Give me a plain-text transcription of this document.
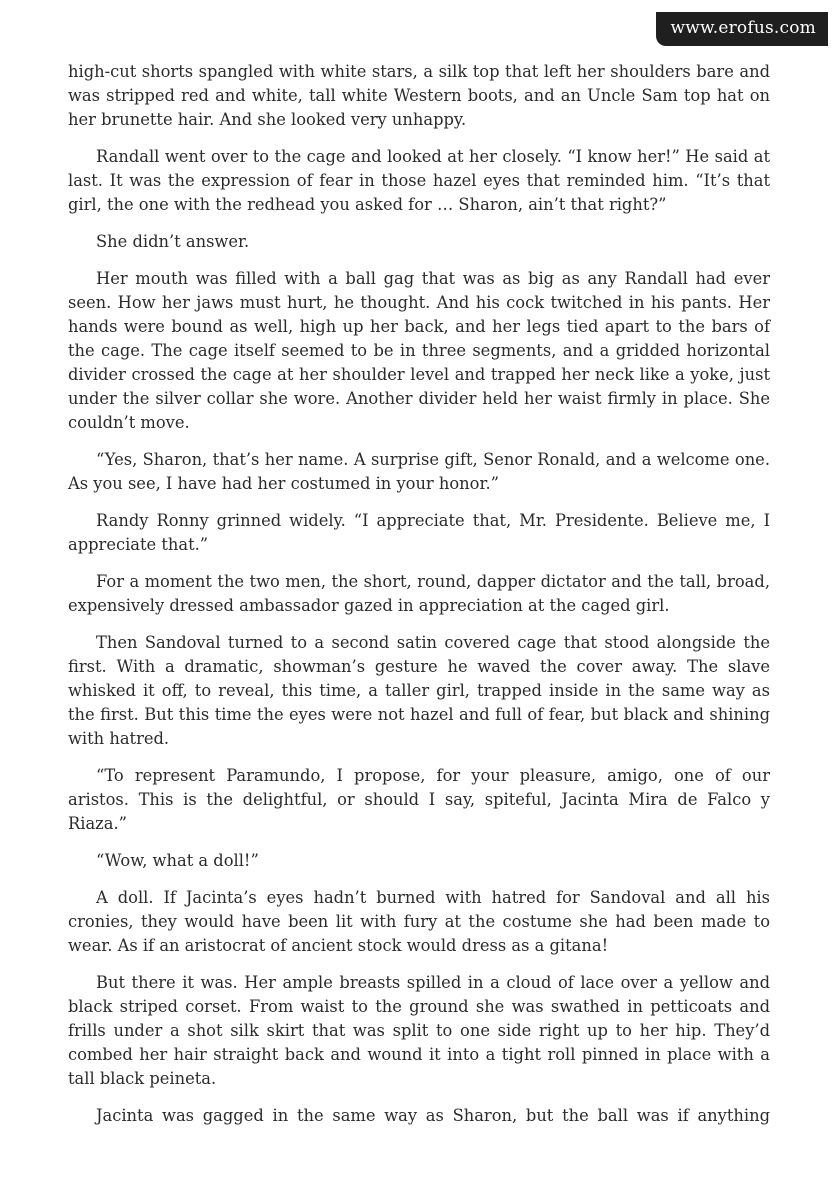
www.erofus.com

high-cut shorts spangled with white stars, a silk top that left her shoulders bare and was stripped red and white, tall white Western boots, and an Uncle Sam top hat on her brunette hair. And she looked very unhappy.

Randall went over to the cage and looked at her closely. “I know her!” He said at last. It was the expression of fear in those hazel eyes that reminded him. “It’s that girl, the one with the redhead you asked for … Sharon, ain’t that right?”

She didn’t answer.

Her mouth was filled with a ball gag that was as big as any Randall had ever seen. How her jaws must hurt, he thought. And his cock twitched in his pants. Her hands were bound as well, high up her back, and her legs tied apart to the bars of the cage. The cage itself seemed to be in three segments, and a gridded horizontal divider crossed the cage at her shoulder level and trapped her neck like a yoke, just under the silver collar she wore. Another divider held her waist firmly in place. She couldn’t move.

“Yes, Sharon, that’s her name. A surprise gift, Senor Ronald, and a welcome one. As you see, I have had her costumed in your honor.”

Randy Ronny grinned widely. “I appreciate that, Mr. Presidente. Believe me, I appreciate that.”

For a moment the two men, the short, round, dapper dictator and the tall, broad, expensively dressed ambassador gazed in appreciation at the caged girl.

Then Sandoval turned to a second satin covered cage that stood alongside the first. With a dramatic, showman’s gesture he waved the cover away. The slave whisked it off, to reveal, this time, a taller girl, trapped inside in the same way as the first. But this time the eyes were not hazel and full of fear, but black and shining with hatred.

“To represent Paramundo, I propose, for your pleasure, amigo, one of our aristos. This is the delightful, or should I say, spiteful, Jacinta Mira de Falco y Riaza.”

“Wow, what a doll!”

A doll. If Jacinta’s eyes hadn’t burned with hatred for Sandoval and all his cronies, they would have been lit with fury at the costume she had been made to wear. As if an aristocrat of ancient stock would dress as a gitana!

But there it was. Her ample breasts spilled in a cloud of lace over a yellow and black striped corset. From waist to the ground she was swathed in petticoats and frills under a shot silk skirt that was split to one side right up to her hip. They’d combed her hair straight back and wound it into a tight roll pinned in place with a tall black peineta.

Jacinta was gagged in the same way as Sharon, but the ball was if anything
